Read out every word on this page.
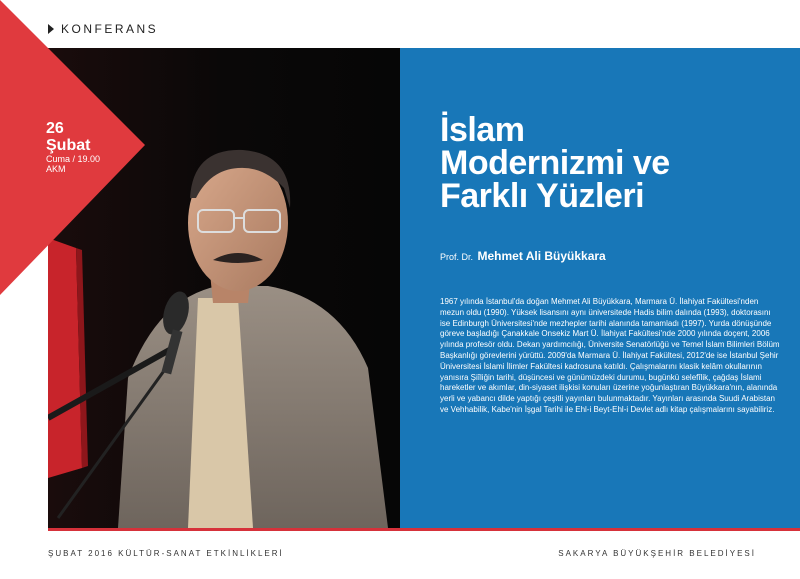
KONFERANS
26
Şubat
Cuma / 19.00
AKM
İslam
Modernizmi ve
Farklı Yüzleri
Prof. Dr. Mehmet Ali Büyükkara

1967 yılında İstanbul'da doğan Mehmet Ali Büyükkara, Marmara Ü. İlahiyat Fakültesi'nden mezun oldu (1990). Yüksek lisansını aynı üniversitede Hadis bilim dalında (1993), doktorasını ise Edinburgh Üniversitesi'nde mezhepler tarihi alanında tamamladı (1997). Yurda dönüşünde göreve başladığı Çanakkale Onsekiz Mart Ü. İlahiyat Fakültesi'nde 2000 yılında doçent, 2006 yılında profesör oldu. Dekan yardımcılığı, Üniversite Senatörlüğü ve Temel İslam Bilimleri Bölüm Başkanlığı görevlerini yürüttü. 2009'da Marmara Ü. İlahiyat Fakültesi, 2012'de ise İstanbul Şehir Üniversitesi İslami İlimler Fakültesi kadrosuna katıldı. Çalışmalarını klasik kelâm okullarının yanısıra Şiîliğin tarihi, düşüncesi ve günümüzdeki durumu, bugünkü selefîlik, çağdaş İslami hareketler ve akımlar, din-siyaset ilişkisi konuları üzerine yoğunlaştıran Büyükkara'nın, alanında yerli ve yabancı dilde yaptığı çeşitli yayınları bulunmaktadır. Yayınları arasında Suudi Arabistan ve Vehhabilik, Kabe'nin İşgal Tarihi ile Ehl-i Beyt-Ehl-i Devlet adlı kitap çalışmalarını sayabiliriz.

ŞUBAT 2016 KÜLTÜR-SANAT ETKİNLİKLERİ	SAKARYA BÜYÜKŞEHİR BELEDİYESİ
